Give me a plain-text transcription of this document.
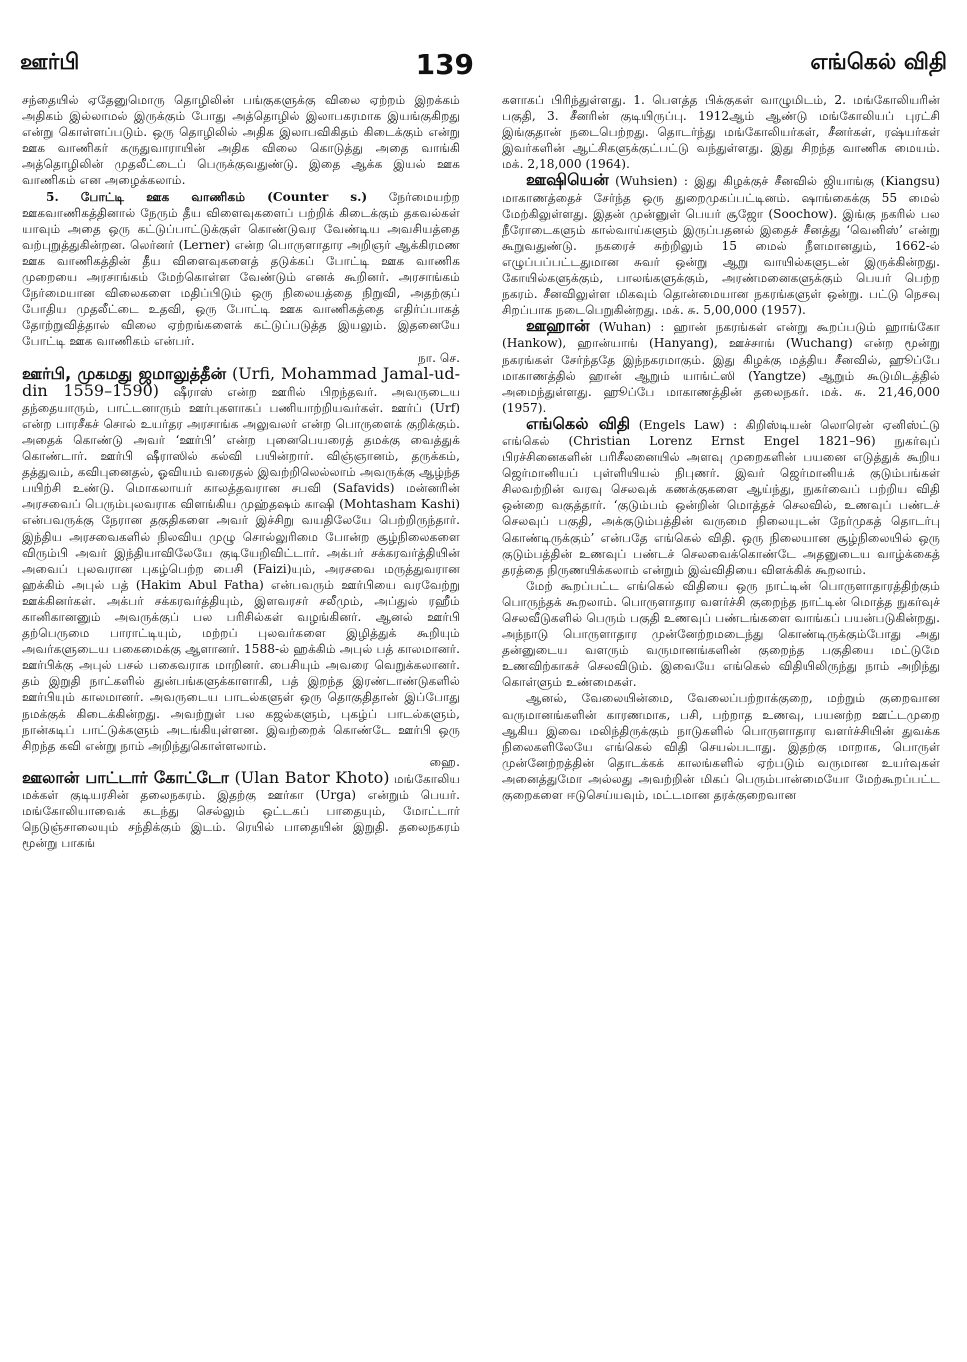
ஊர்பி	139	எங்கெல் விதி

சந்தையில் ஏதேனுமொரு தொழிலின் பங்குகளுக்கு விலை ஏற்றம் இறக்கம் அதிகம் இல்லாமல் இருக்கும் போது அத்தொழில் இலாபகரமாக இயங்குகிறது என்று கொள்ளப்படும். ஒரு தொழிலில் அதிக இலாபவிகிதம் கிடைக்கும் என்று ஊக வாணிகர் கருதுவாராயின் அதிக விலை கொடுத்து அதை வாங்கி அத்தொழிலின் முதலீட்டைப் பெருக்குவதுண்டு. இதை ஆக்க இயல் ஊக வாணிகம் என அழைக்கலாம்.

5. போட்டி ஊக வாணிகம் (Counter s.) நேர்மையற்ற ஊகவாணிகத்தினால் நேரும் தீய விளைவுகளைப் பற்றிக் கிடைக்கும் தகவல்கள் யாவும் அதை ஒரு கட்டுப்பாட்டுக்குள் கொண்டுவர வேண்டிய அவசியத்தை வற்புறுத்துகின்றன. லெர்னர் (Lerner) என்ற பொருளாதார அறிஞர் ஆக்கிரமண ஊக வாணிகத்தின் தீய விளைவுகளைத் தடுக்கப் போட்டி ஊக வாணிக முறையை அரசாங்கம் மேற்கொள்ள வேண்டும் எனக் கூறினர். அரசாங்கம் நேர்மையான விலைகளை மதிப்பிடும் ஒரு நிலையத்தை நிறுவி, அதற்குப் போதிய முதலீட்டை உதவி, ஒரு போட்டி ஊக வாணிகத்தை எதிர்ப்பாகத் தோற்றுவித்தால் விலை ஏற்றங்களைக் கட்டுப்படுத்த இயலும். இதனையே போட்டி ஊக வாணிகம் என்பர்.

நா. செ.

ஊர்பி, முகமது ஜமாலுத்தீன் (Urfi, Mohammad Jamal-ud-din 1559–1590) ஷீராஸ் என்ற ஊரில் பிறந்தவர். அவருடைய தந்தையாரும், பாட்டனாரும் ஊர்புகளாகப் பணியாற்றியவர்கள். ஊர்ப் (Urf) என்ற பாரசீகச் சொல் உயர்தர அரசாங்க அலுவலர் என்ற பொருளைக் குறிக்கும். அதைக் கொண்டு அவர் ‘ஊர்பி’ என்ற புனைபெயரைத் தமக்கு வைத்துக் கொண்டார். ஊர்பி ஷீராஸில் கல்வி பயின்றார். விஞ்ஞானம், தருக்கம், தத்துவம், கவிபுனைதல், ஓவியம் வரைதல் இவற்றிலெல்லாம் அவருக்கு ஆழ்ந்த பயிற்சி உண்டு. மொகலாயர் காலத்தவரான சபவி (Safavids) மன்னரின் அரசவைப் பெரும்புலவராக விளங்கிய முஹ்தஷம் காஷி (Mohtasham Kashi) என்பவருக்கு நேரான தகுதிகளை அவர் இச்சிறு வயதிலேயே பெற்றிருந்தார். இந்திய அரசவைகளில் நிலவிய முழு சொல்லுரிமை போன்ற சூழ்நிலைகளை விரும்பி அவர் இந்தியாவிலேயே குடியேறிவிட்டார். அக்பர் சக்கரவர்த்தியின் அவைப் புலவரான புகழ்பெற்ற பைசி (Faizi)யும், அரசவை மருத்துவரான ஹக்கிம் அபுல் பத் (Hakim Abul Fatha) என்பவரும் ஊர்பியை வரவேற்று ஊக்கினர்கள். அக்பர் சக்கரவர்த்தியும், இளவரசர் சலீமும், அப்துல் ரஹீம் கானிகானனும் அவருக்குப் பல பரிசில்கள் வழங்கினர். ஆனல் ஊர்பி தற்பெருமை பாராட்டியும், மற்றப் புலவர்களை இழித்துக் கூறியும் அவர்களுடைய பகைமைக்கு ஆளானர். 1588-ல் ஹக்கிம் அபுல் பத் காலமானர். ஊர்பிக்கு அபுல் பசல் பகைவராக மாறினர். பைசியும் அவரை வெறுக்கலானர். தம் இறுதி நாட்களில் துன்பங்களுக்காளாகி, பத் இறந்த இரண்டாண்டுகளில் ஊர்பியும் காலமானர். அவருடைய பாடல்களுள் ஒரு தொகுதிதான் இப்போது நமக்குக் கிடைக்கின்றது. அவற்றுள் பல கஜல்களும், புகழ்ப் பாடல்களும், நான்கடிப் பாட்டுக்களும் அடங்கியுள்ளன. இவற்றைக் கொண்டே ஊர்பி ஒரு சிறந்த கவி என்று நாம் அறிந்துகொள்ளலாம்.

ஹை.

ஊலான் பாட்டார் கோட்டோ (Ulan Bator Khoto) மங்கோலிய மக்கள் குடியரசின் தலைநகரம். இதற்கு ஊர்கா (Urga) என்றும் பெயர். மங்கோலியாவைக் கடந்து செல்லும் ஒட்டகப் பாதையும், மோட்டார் நெடுஞ்சாலையும் சந்திக்கும் இடம். ரெயில் பாதையின் இறுதி. தலைநகரம் மூன்று பாகங்

களாகப் பிரிந்துள்ளது. 1. பௌத்த பிக்குகள் வாழுமிடம், 2. மங்கோலியரின் பகுதி, 3. சீனரின் குடியிருப்பு. 1912ஆம் ஆண்டு மங்கோலியப் புரட்சி இங்குதான் நடைபெற்றது. தொடர்ந்து மங்கோலியர்கள், சீனர்கள், ரஷ்யர்கள் இவர்களின் ஆட்சிகளுக்குட்பட்டு வந்துள்ளது. இது சிறந்த வாணிக மையம். மக். 2,18,000 (1964).

ஊஷியென் (Wuhsien) : இது கிழக்குச் சீனவில் ஜியாங்கு (Kiangsu) மாகாணத்தைச் சேர்ந்த ஒரு துறைமுகப்பட்டினம். ஷாங்கைக்கு 55 மைல் மேற்கிலுள்ளது. இதன் முன்னுள் பெயர் சூஜோ (Soochow). இங்கு நகரில் பல நீரோடைகளும் கால்வாய்களும் இருப்பதனல் இதைச் சீனத்து ‘வெனிஸ்’ என்று கூறுவதுண்டு. நகரைச் சுற்றிலும் 15 மைல் நீளமானதும், 1662-ல் எழுப்பப்பட்டதுமான சுவர் ஒன்று ஆறு வாயில்களுடன் இருக்கின்றது. கோயில்களுக்கும், பாலங்களுக்கும், அரண்மனைகளுக்கும் பெயர் பெற்ற நகரம். சீனவிலுள்ள மிகவும் தொன்மையான நகரங்களுள் ஒன்று. பட்டு நெசவு சிறப்பாக நடைபெறுகின்றது. மக். சு. 5,00,000 (1957).

ஊஹான் (Wuhan) : ஹான் நகரங்கள் என்று கூறப்படும் ஹாங்கோ (Hankow), ஹான்யாங் (Hanyang), ஊச்சாங் (Wuchang) என்ற மூன்று நகரங்கள் சேர்ந்ததே இந்நகரமாகும். இது கிழக்கு மத்திய சீனவில், ஹூப்பே மாகாணத்தில் ஹான் ஆறும் யாங்ட்ஸி (Yangtze) ஆறும் கூடுமிடத்தில் அமைந்துள்ளது. ஹூப்பே மாகாணத்தின் தலைநகர். மக். சு. 21,46,000 (1957).

எங்கெல் விதி (Engels Law) : கிறிஸ்டியன் லொரென் ஏனிஸ்ட்டு எங்கெல் (Christian Lorenz Ernst Engel 1821–96) நுகர்வுப் பிரச்சினைகளின் பரிசீலனையில் அளவு முறைகளின் பயனை எடுத்துக் கூறிய ஜெர்மானியப் புள்ளியியல் நிபுணர். இவர் ஜெர்மானியக் குடும்பங்கள் சிலவற்றின் வரவு செலவுக் கணக்குகளை ஆய்ந்து, நுகர்வைப் பற்றிய விதி ஒன்றை வகுத்தார். ‘குடும்பம் ஒன்றின் மொத்தச் செலவில், உணவுப் பண்டச் செலவுப் பகுதி, அக்குடும்பத்தின் வருமை நிலையுடன் நேர்முகத் தொடர்பு கொண்டிருக்கும்’ என்பதே எங்கெல் விதி. ஒரு நிலையான சூழ்நிலையில் ஒரு குடும்பத்தின் உணவுப் பண்டச் செலவைக்கொண்டே அதனுடைய வாழ்க்கைத் தரத்தை நிருணயிக்கலாம் என்றும் இவ்விதியை விளக்கிக் கூறலாம்.

மேற் கூறப்பட்ட எங்கெல் விதியை ஒரு நாட்டின் பொருளாதாரத்திற்கும் பொருந்தக் கூறலாம். பொருளாதார வளர்ச்சி குறைந்த நாட்டின் மொத்த நுகர்வுச் செலவீடுகளில் பெரும் பகுதி உணவுப் பண்டங்களை வாங்கப் பயன்படுகின்றது. அந்நாடு பொருளாதார முன்னேற்றமடைந்து கொண்டிருக்கும்போது அது தன்னுடைய வளரும் வருமானங்களின் குறைந்த பகுதியை மட்டுமே உணவிற்காகச் செலவிடும். இவையே எங்கெல் விதியிலிருந்து நாம் அறிந்து கொள்ளும் உண்மைகள்.

ஆனல், வேலையின்மை, வேலைப்பற்றாக்குறை, மற்றும் குறைவான வருமானங்களின் காரணமாக, பசி, பற்றாத உணவு, பயனற்ற ஊட்டமுறை ஆகிய இவை மலிந்திருக்கும் நாடுகளில் பொருளாதார வளர்ச்சியின் துவக்க நிலைகளிலேயே எங்கெல் விதி செயல்படாது. இதற்கு மாறாக, பொருள் முன்னேற்றத்தின் தொடக்கக் காலங்களில் ஏற்படும் வருமான உயர்வுகள் அனைத்துமோ அல்லது அவற்றின் மிகப் பெரும்பான்மையோ மேற்கூறப்பட்ட குறைகளை ஈடுசெய்யவும், மட்டமான தரக்குறைவான
